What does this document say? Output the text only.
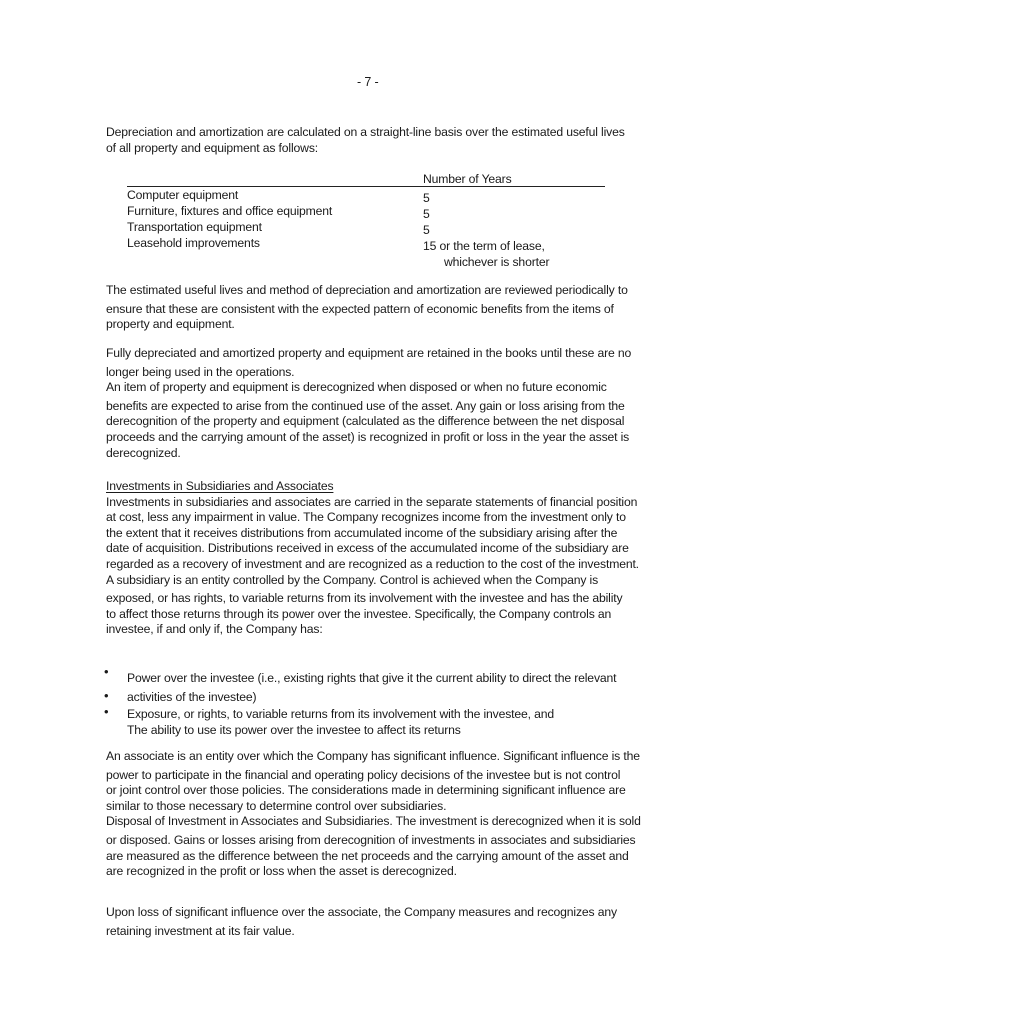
- 7 -
Depreciation and amortization are calculated on a straight-line basis over the estimated useful lives
of all property and equipment as follows:
Number of Years
Computer equipment	5
Furniture, fixtures and office equipment	5
Transportation equipment	5
Leasehold improvements	15 or the term of lease,
whichever is shorter
The estimated useful lives and method of depreciation and amortization are reviewed periodically to
ensure that these are consistent with the expected pattern of economic benefits from the items of
property and equipment.
Fully depreciated and amortized property and equipment are retained in the books until these are no
longer being used in the operations.
An item of property and equipment is derecognized when disposed or when no future economic
benefits are expected to arise from the continued use of the asset. Any gain or loss arising from the
derecognition of the property and equipment (calculated as the difference between the net disposal
proceeds and the carrying amount of the asset) is recognized in profit or loss in the year the asset is
derecognized.
Investments in Subsidiaries and Associates
Investments in subsidiaries and associates are carried in the separate statements of financial position
at cost, less any impairment in value. The Company recognizes income from the investment only to
the extent that it receives distributions from accumulated income of the subsidiary arising after the
date of acquisition. Distributions received in excess of the accumulated income of the subsidiary are
regarded as a recovery of investment and are recognized as a reduction to the cost of the investment.
A subsidiary is an entity controlled by the Company. Control is achieved when the Company is
exposed, or has rights, to variable returns from its involvement with the investee and has the ability
to affect those returns through its power over the investee. Specifically, the Company controls an
investee, if and only if, the Company has:
• Power over the investee (i.e., existing rights that give it the current ability to direct the relevant
• activities of the investee)
• Exposure, or rights, to variable returns from its involvement with the investee, and
The ability to use its power over the investee to affect its returns
An associate is an entity over which the Company has significant influence. Significant influence is the
power to participate in the financial and operating policy decisions of the investee but is not control
or joint control over those policies. The considerations made in determining significant influence are
similar to those necessary to determine control over subsidiaries.
Disposal of Investment in Associates and Subsidiaries. The investment is derecognized when it is sold
or disposed. Gains or losses arising from derecognition of investments in associates and subsidiaries
are measured as the difference between the net proceeds and the carrying amount of the asset and
are recognized in the profit or loss when the asset is derecognized.
Upon loss of significant influence over the associate, the Company measures and recognizes any
retaining investment at its fair value.
